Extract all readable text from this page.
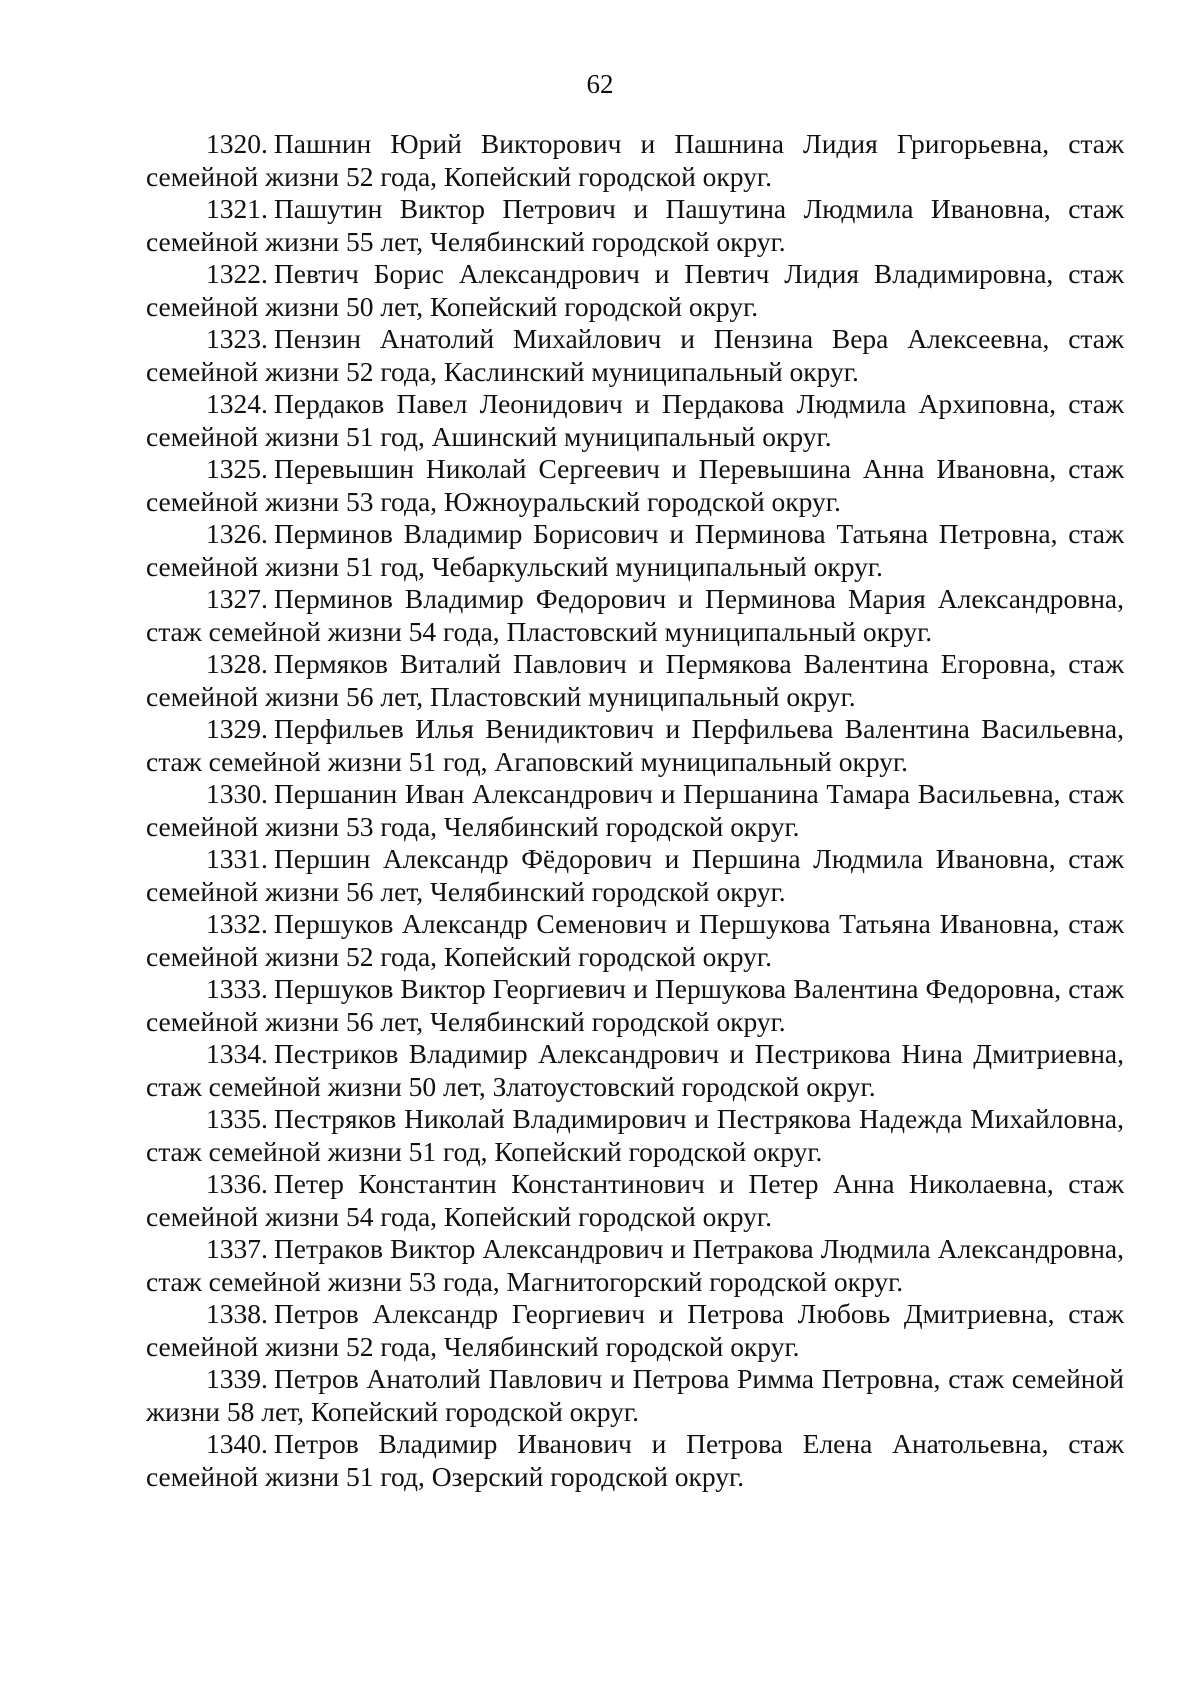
62

1320. Пашнин Юрий Викторович и Пашнина Лидия Григорьевна, стаж семейной жизни 52 года, Копейский городской округ.

1321. Пашутин Виктор Петрович и Пашутина Людмила Ивановна, стаж семейной жизни 55 лет, Челябинский городской округ.

1322. Певтич Борис Александрович и Певтич Лидия Владимировна, стаж семейной жизни 50 лет, Копейский городской округ.

1323. Пензин Анатолий Михайлович и Пензина Вера Алексеевна, стаж семейной жизни 52 года, Каслинский муниципальный округ.

1324. Пердаков Павел Леонидович и Пердакова Людмила Архиповна, стаж семейной жизни 51 год, Ашинский муниципальный округ.

1325. Перевышин Николай Сергеевич и Перевышина Анна Ивановна, стаж семейной жизни 53 года, Южноуральский городской округ.

1326. Перминов Владимир Борисович и Перминова Татьяна Петровна, стаж семейной жизни 51 год, Чебаркульский муниципальный округ.

1327. Перминов Владимир Федорович и Перминова Мария Александровна, стаж семейной жизни 54 года, Пластовский муниципальный округ.

1328. Пермяков Виталий Павлович и Пермякова Валентина Егоровна, стаж семейной жизни 56 лет, Пластовский муниципальный округ.

1329. Перфильев Илья Венидиктович и Перфильева Валентина Васильевна, стаж семейной жизни 51 год, Агаповский муниципальный округ.

1330. Першанин Иван Александрович и Першанина Тамара Васильевна, стаж семейной жизни 53 года, Челябинский городской округ.

1331. Першин Александр Фёдорович и Першина Людмила Ивановна, стаж семейной жизни 56 лет, Челябинский городской округ.

1332. Першуков Александр Семенович и Першукова Татьяна Ивановна, стаж семейной жизни 52 года, Копейский городской округ.

1333. Першуков Виктор Георгиевич и Першукова Валентина Федоровна, стаж семейной жизни 56 лет, Челябинский городской округ.

1334. Пестриков Владимир Александрович и Пестрикова Нина Дмитриевна, стаж семейной жизни 50 лет, Златоустовский городской округ.

1335. Пестряков Николай Владимирович и Пестрякова Надежда Михайловна, стаж семейной жизни 51 год, Копейский городской округ.

1336. Петер Константин Константинович и Петер Анна Николаевна, стаж семейной жизни 54 года, Копейский городской округ.

1337. Петраков Виктор Александрович и Петракова Людмила Александровна, стаж семейной жизни 53 года, Магнитогорский городской округ.

1338. Петров Александр Георгиевич и Петрова Любовь Дмитриевна, стаж семейной жизни 52 года, Челябинский городской округ.

1339. Петров Анатолий Павлович и Петрова Римма Петровна, стаж семейной жизни 58 лет, Копейский городской округ.

1340. Петров Владимир Иванович и Петрова Елена Анатольевна, стаж семейной жизни 51 год, Озерский городской округ.
